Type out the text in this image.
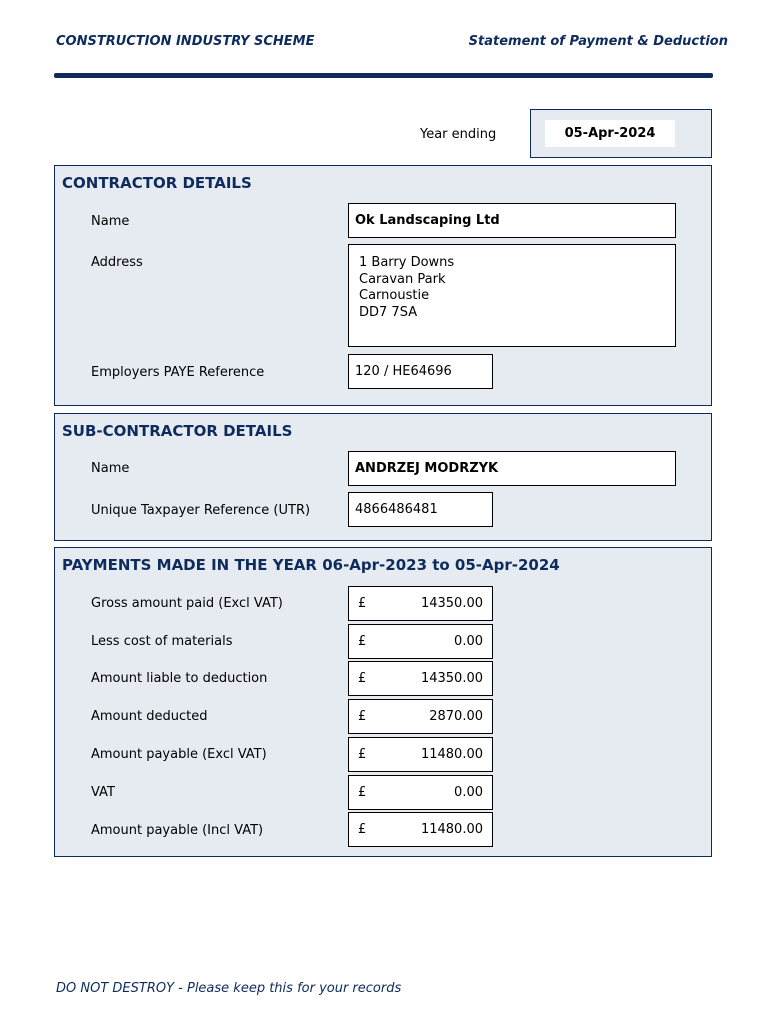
CONSTRUCTION INDUSTRY SCHEME	Statement of Payment & Deduction
Year ending	05-Apr-2024
CONTRACTOR DETAILS
Name	Ok Landscaping Ltd
Address	1 Barry Downs
Caravan Park
Carnoustie
DD7 7SA
Employers PAYE Reference	120 / HE64696
SUB-CONTRACTOR DETAILS
Name	ANDRZEJ MODRZYK
Unique Taxpayer Reference (UTR)	4866486481
PAYMENTS MADE IN THE YEAR 06-Apr-2023 to 05-Apr-2024
Gross amount paid (Excl VAT)	£	14350.00
Less cost of materials	£	0.00
Amount liable to deduction	£	14350.00
Amount deducted	£	2870.00
Amount payable (Excl VAT)	£	11480.00
VAT	£	0.00
Amount payable (Incl VAT)	£	11480.00
DO NOT DESTROY - Please keep this for your records
